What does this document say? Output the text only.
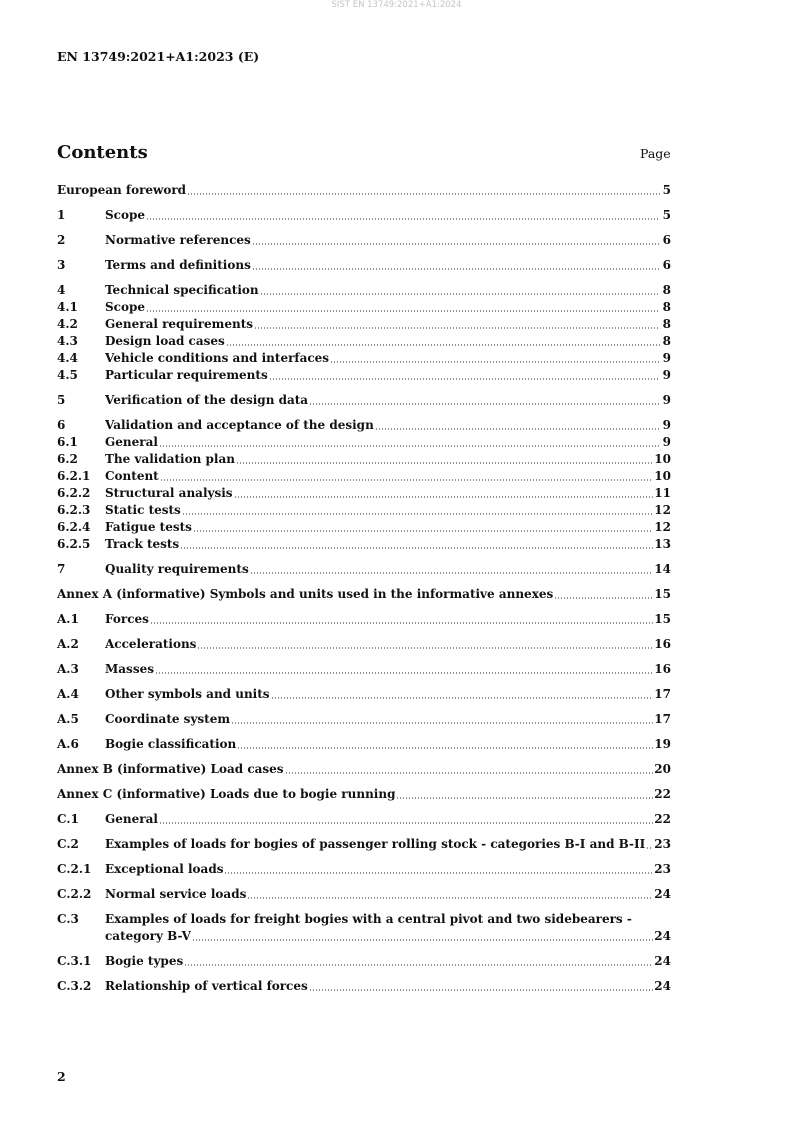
SIST EN 13749:2021+A1:2024
EN 13749:2021+A1:2023 (E)
Contents	Page
European foreword	5
1	Scope	5
2	Normative references	6
3	Terms and definitions	6
4	Technical specification	8
4.1	Scope	8
4.2	General requirements	8
4.3	Design load cases	8
4.4	Vehicle conditions and interfaces	9
4.5	Particular requirements	9
5	Verification of the design data	9
6	Validation and acceptance of the design	9
6.1	General	9
6.2	The validation plan	10
6.2.1	Content	10
6.2.2	Structural analysis	11
6.2.3	Static tests	12
6.2.4	Fatigue tests	12
6.2.5	Track tests	13
7	Quality requirements	14
Annex A (informative) Symbols and units used in the informative annexes	15
A.1	Forces	15
A.2	Accelerations	16
A.3	Masses	16
A.4	Other symbols and units	17
A.5	Coordinate system	17
A.6	Bogie classification	19
Annex B (informative) Load cases	20
Annex C (informative) Loads due to bogie running	22
C.1	General	22
C.2	Examples of loads for bogies of passenger rolling stock - categories B-I and B-II 23
C.2.1	Exceptional loads	23
C.2.2	Normal service loads	24
C.3	Examples of loads for freight bogies with a central pivot and two sidebearers -
category B-V	24
C.3.1	Bogie types	24
C.3.2	Relationship of vertical forces	24
2
